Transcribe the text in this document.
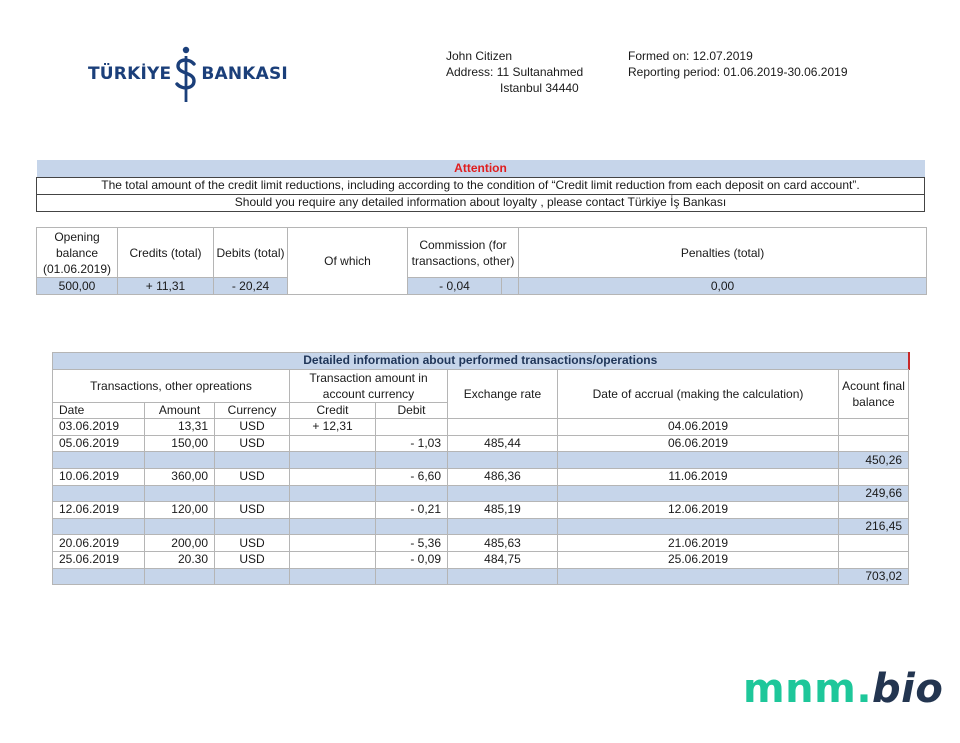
TÜRKİYE BANKASI
John Citizen
Address: 11 Sultanahmed
Istanbul 34440
Formed on: 12.07.2019
Reporting period: 01.06.2019-30.06.2019
Attention
The total amount of the credit limit reductions, including according to the condition of “Credit limit reduction from each deposit on card account”.
Should you require any detailed information about loyalty , please contact Türkiye İş Bankası
Opening balance (01.06.2019)	Credits (total)	Debits (total)	Of which	Commission (for transactions, other)		Penalties (total)
500,00	+ 11,31	- 20,24		- 0,04		0,00
Detailed information about performed transactions/operations							
Transactions, other opreations			Transaction amount in account currency		Exchange rate	Date of accrual (making the calculation)	Acount final balance

Date	Amount	Currency	Credit	Debit			
03.06.2019	13,31	USD	+ 12,31			04.06.2019	
05.06.2019	150,00	USD		- 1,03	485,44	06.06.2019	
							450,26
10.06.2019	360,00	USD		- 6,60	486,36	11.06.2019	
							249,66
12.06.2019	120,00	USD		- 0,21	485,19	12.06.2019	
							216,45
20.06.2019	200,00	USD		- 5,36	485,63	21.06.2019	
25.06.2019	20.30	USD		- 0,09	484,75	25.06.2019	
							703,02
mnm.bio
